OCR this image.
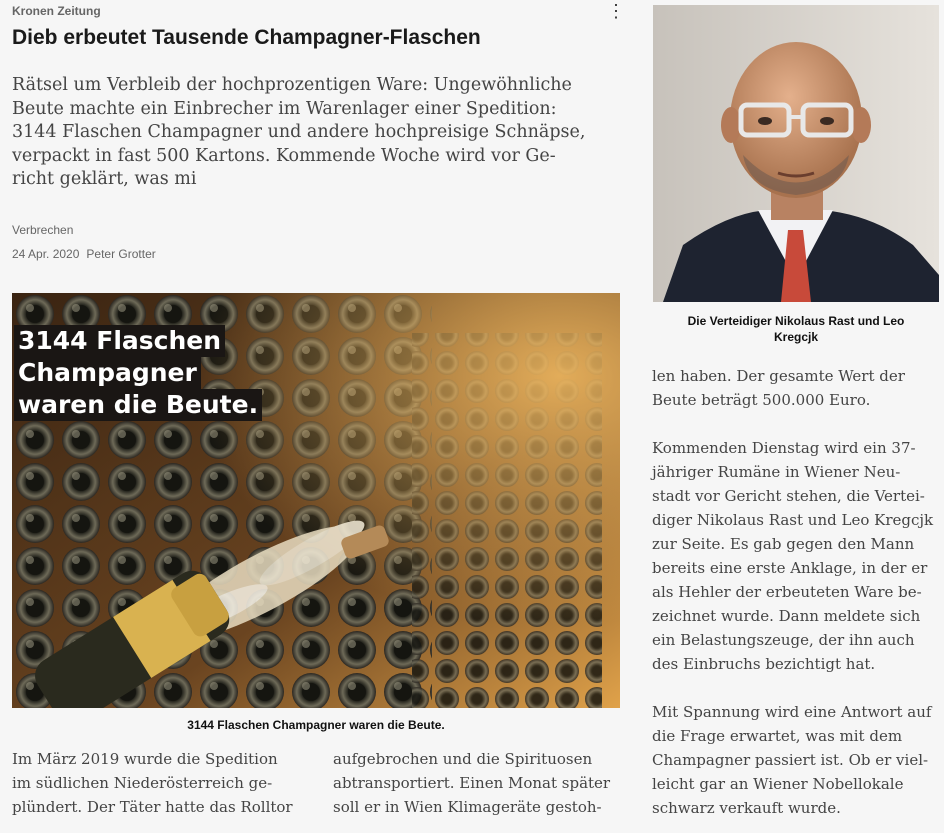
Kronen Zeitung	⋮
Dieb erbeutet Tausende Champagner-Flaschen

Rätsel um Verbleib der hochprozentigen Ware: Ungewöhnliche
Beute machte ein Einbrecher im Warenlager einer Spedition:
3144 Flaschen Champagner und andere hochpreisige Schnäpse,
verpackt in fast 500 Kartons. Kommende Woche wird vor Ge-
richt geklärt, was mi

Verbrechen
24 Apr. 2020 Peter Grotter
3144 Flaschen
Champagner
waren die Beute.
3144 Flaschen Champagner waren die Beute.

Im März 2019 wurde die Spedition
im südlichen Niederösterreich ge-
plündert. Der Täter hatte das Rolltor

aufgebrochen und die Spirituosen
abtransportiert. Einen Monat später
soll er in Wien Klimageräte gestoh-

Die Verteidiger Nikolaus Rast und Leo
Kregcjk
len haben. Der gesamte Wert der
Beute beträgt 500.000 Euro.
Kommenden Dienstag wird ein 37-
jähriger Rumäne in Wiener Neu-
stadt vor Gericht stehen, die Vertei-
diger Nikolaus Rast und Leo Kregcjk
zur Seite. Es gab gegen den Mann
bereits eine erste Anklage, in der er
als Hehler der erbeuteten Ware be-
zeichnet wurde. Dann meldete sich
ein Belastungszeuge, der ihn auch
des Einbruchs bezichtigt hat.
Mit Spannung wird eine Antwort auf
die Frage erwartet, was mit dem
Champagner passiert ist. Ob er viel-
leicht gar an Wiener Nobellokale
schwarz verkauft wurde.
